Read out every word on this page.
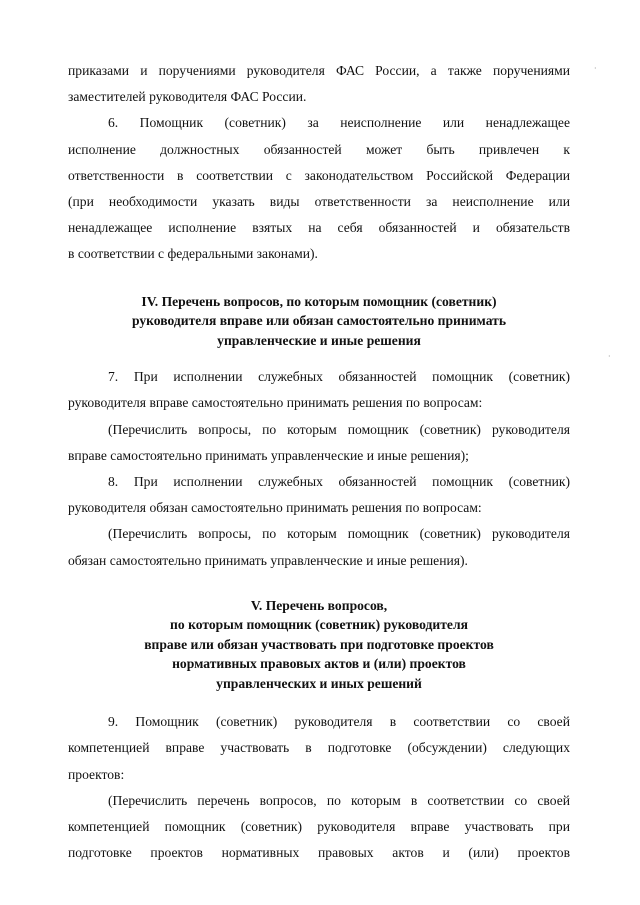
приказами и поручениями руководителя ФАС России, а также поручениями

заместителей руководителя ФАС России.

6. Помощник (советник) за неисполнение или ненадлежащее

исполнение должностных обязанностей может быть привлечен к

ответственности в соответствии с законодательством Российской Федерации

(при необходимости указать виды ответственности за неисполнение или

ненадлежащее исполнение взятых на себя обязанностей и обязательств

в соответствии с федеральными законами).

IV. Перечень вопросов, по которым помощник (советник)
руководителя вправе или обязан самостоятельно принимать
управленческие и иные решения

7. При исполнении служебных обязанностей помощник (советник)

руководителя вправе самостоятельно принимать решения по вопросам:

(Перечислить вопросы, по которым помощник (советник) руководителя

вправе самостоятельно принимать управленческие и иные решения);

8. При исполнении служебных обязанностей помощник (советник)

руководителя обязан самостоятельно принимать решения по вопросам:

(Перечислить вопросы, по которым помощник (советник) руководителя

обязан самостоятельно принимать управленческие и иные решения).

V. Перечень вопросов,
по которым помощник (советник) руководителя
вправе или обязан участвовать при подготовке проектов
нормативных правовых актов и (или) проектов
управленческих и иных решений

9. Помощник (советник) руководителя в соответствии со своей

компетенцией вправе участвовать в подготовке (обсуждении) следующих

проектов:

(Перечислить перечень вопросов, по которым в соответствии со своей

компетенцией помощник (советник) руководителя вправе участвовать при

подготовке проектов нормативных правовых актов и (или) проектов

·
·
